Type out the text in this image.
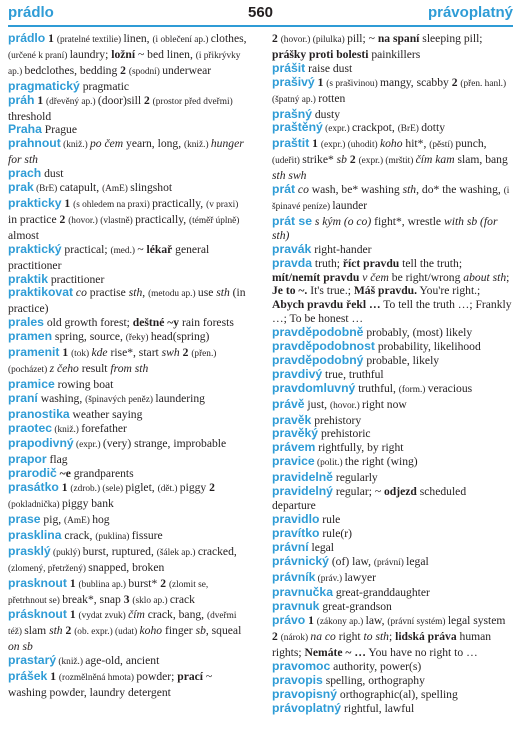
prádlo	560	právoplatný
prádlo 1 (pratelné textilie) linen, (i oblečení ap.) clothes, (určené k praní) laundry; ložní ~ bed linen, (i přikrývky ap.) bedclothes, bedding 2 (spodní) underwear
pragmatický pragmatic
práh 1 (dřevěný ap.) (door)sill 2 (prostor před dveřmi) threshold
Praha Prague
prahnout (kniž.) po čem yearn, long, (kniž.) hunger for sth
prach dust
prak (BrE) catapult, (AmE) slingshot
prakticky 1 (s ohledem na praxi) practically, (v praxi) in practice 2 (hovor.) (vlastně) practically, (téměř úplně) almost
praktický practical; (med.) ~ lékař general practitioner
praktik practitioner
praktikovat co practise sth, (metodu ap.) use sth (in practice)
prales old growth forest; deštné ~y rain forests
pramen spring, source, (řeky) head(spring)
pramenit 1 (tok) kde rise*, start swh 2 (přen.) (pocházet) z čeho result from sth
pramice rowing boat
praní washing, (špinavých peněz) laundering
pranostika weather saying
praotec (kniž.) forefather
prapodivný (expr.) (very) strange, improbable
prapor flag
prarodič ~e grandparents
prasátko 1 (zdrob.) (sele) piglet, (dět.) piggy 2 (pokladnička) piggy bank
prase pig, (AmE) hog
prasklina crack, (puklina) fissure
prasklý (puklý) burst, ruptured, (šálek ap.) cracked, (zlomený, přetržený) snapped, broken
prasknout 1 (bublina ap.) burst* 2 (zlomit se, přetrhnout se) break*, snap 3 (sklo ap.) crack
prásknout 1 (vydat zvuk) čím crack, bang, (dveřmi též) slam sth 2 (ob. expr.) (udat) koho finger sb, squeal on sb
prastarý (kniž.) age-old, ancient
prášek 1 (rozmělněná hmota) powder; prací ~ washing powder, laundry detergent
2 (hovor.) (pilulka) pill; ~ na spaní sleeping pill; prášky proti bolesti painkillers
prášit raise dust
prašivý 1 (s prašivinou) mangy, scabby 2 (přen. hanl.) (špatný ap.) rotten
prašný dusty
praštěný (expr.) crackpot, (BrE) dotty
praštit 1 (expr.) (uhodit) koho hit*, (pěstí) punch, (udeřit) strike* sb 2 (expr.) (mrštit) čím kam slam, bang sth swh
prát co wash, be* washing sth, do* the washing, (i špinavé peníze) launder
prát se s kým (o co) fight*, wrestle with sb (for sth)
pravák right-hander
pravda truth; říct pravdu tell the truth; mít/nemít pravdu v čem be right/wrong about sth; Je to ~. It's true.; Máš pravdu. You're right.; Abych pravdu řekl … To tell the truth …; Frankly …; To be honest …
pravděpodobně probably, (most) likely
pravděpodobnost probability, likelihood
pravděpodobný probable, likely
pravdivý true, truthful
pravdomluvný truthful, (form.) veracious
právě just, (hovor.) right now
pravěk prehistory
pravěký prehistoric
právem rightfully, by right
pravice (polit.) the right (wing)
pravidelně regularly
pravidelný regular; ~ odjezd scheduled departure
pravidlo rule
pravítko rule(r)
právní legal
právnický (of) law, (právní) legal
právník (práv.) lawyer
pravnučka great-granddaughter
pravnuk great-grandson
právo 1 (zákony ap.) law, (právní systém) legal system 2 (nárok) na co right to sth; lidská práva human rights; Nemáte ~ … You have no right to …
pravomoc authority, power(s)
pravopis spelling, orthography
pravopisný orthographic(al), spelling
právoplatný rightful, lawful
